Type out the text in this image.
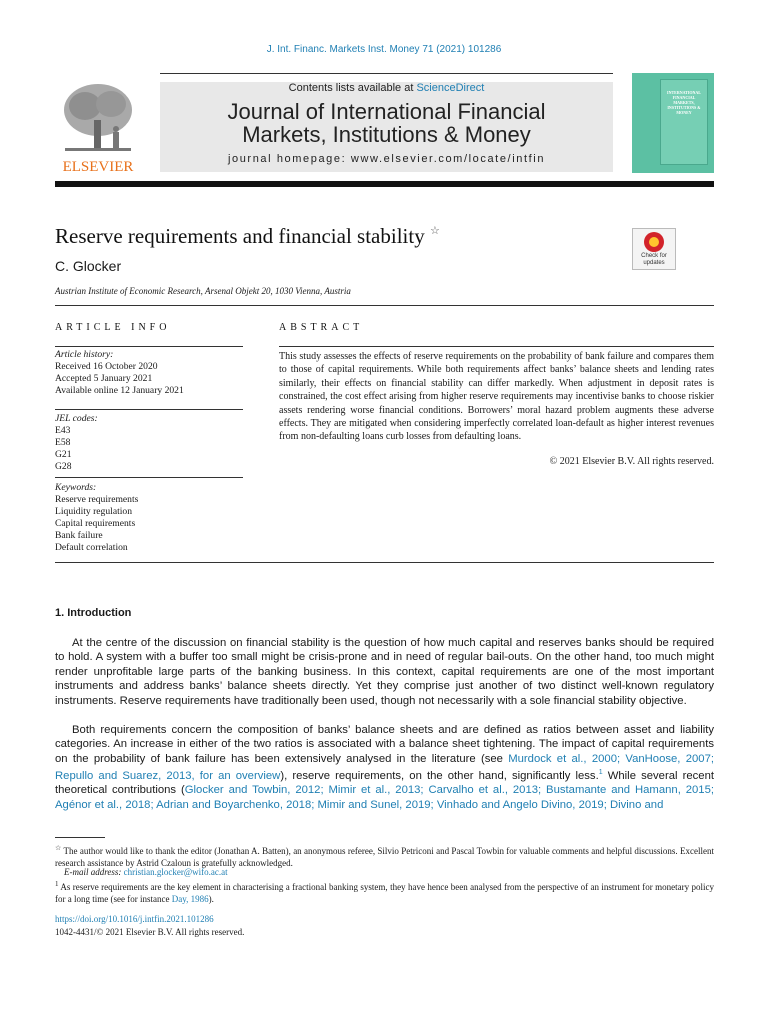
J. Int. Financ. Markets Inst. Money 71 (2021) 101286
ELSEVIER
Contents lists available at ScienceDirect
Journal of International Financial
Markets, Institutions & Money
journal homepage: www.elsevier.com/locate/intfin
INTERNATIONAL FINANCIAL MARKETS, INSTITUTIONS & MONEY
Reserve requirements and financial stability ☆
C. Glocker
Austrian Institute of Economic Research, Arsenal Objekt 20, 1030 Vienna, Austria
Check for updates
ARTICLE INFO
Article history:
Received 16 October 2020
Accepted 5 January 2021
Available online 12 January 2021
JEL codes:
E43
E58
G21
G28
Keywords:
Reserve requirements
Liquidity regulation
Capital requirements
Bank failure
Default correlation
ABSTRACT
This study assesses the effects of reserve requirements on the probability of bank failure and compares them to those of capital requirements. While both requirements affect banks’ balance sheets and lending rates similarly, their effects on financial stability can differ markedly. When adjustment in deposit rates is constrained, the cost effect arising from higher reserve requirements may incentivise banks to choose riskier assets rendering worse financial conditions. Borrowers’ moral hazard problem augments these adverse effects. They are mitigated when considering imperfectly correlated loan-default as higher interest revenues from non-defaulting loans curb losses from defaulting loans.
© 2021 Elsevier B.V. All rights reserved.
1. Introduction
At the centre of the discussion on financial stability is the question of how much capital and reserves banks should be required to hold. A system with a buffer too small might be crisis-prone and in need of regular bail-outs. On the other hand, too much might render unprofitable large parts of the banking business. In this context, capital requirements are one of the most important instruments and address banks’ balance sheets directly. Yet they comprise just another of two distinct well-known regulatory instruments. Reserve requirements have traditionally been used, though not necessarily with a sole financial stability objective.
Both requirements concern the composition of banks’ balance sheets and are defined as ratios between asset and liability categories. An increase in either of the two ratios is associated with a balance sheet tightening. The impact of capital requirements on the probability of bank failure has been extensively analysed in the literature (see Murdock et al., 2000; VanHoose, 2007; Repullo and Suarez, 2013, for an overview), reserve requirements, on the other hand, significantly less.$^1$ While several recent theoretical contributions (Glocker and Towbin, 2012; Mimir et al., 2013; Carvalho et al., 2013; Bustamante and Hamann, 2015; Agénor et al., 2018; Adrian and Boyarchenko, 2018; Mimir and Sunel, 2019; Vinhado and Angelo Divino, 2019; Divino and
☆ The author would like to thank the editor (Jonathan A. Batten), an anonymous referee, Silvio Petriconi and Pascal Towbin for valuable comments and helpful discussions. Excellent research assistance by Astrid Czaloun is gratefully acknowledged.
E-mail address: christian.glocker@wifo.ac.at
$^1$ As reserve requirements are the key element in characterising a fractional banking system, they have hence been analysed from the perspective of an instrument for monetary policy for a long time (see for instance Day, 1986).
https://doi.org/10.1016/j.intfin.2021.101286
1042-4431/© 2021 Elsevier B.V. All rights reserved.
